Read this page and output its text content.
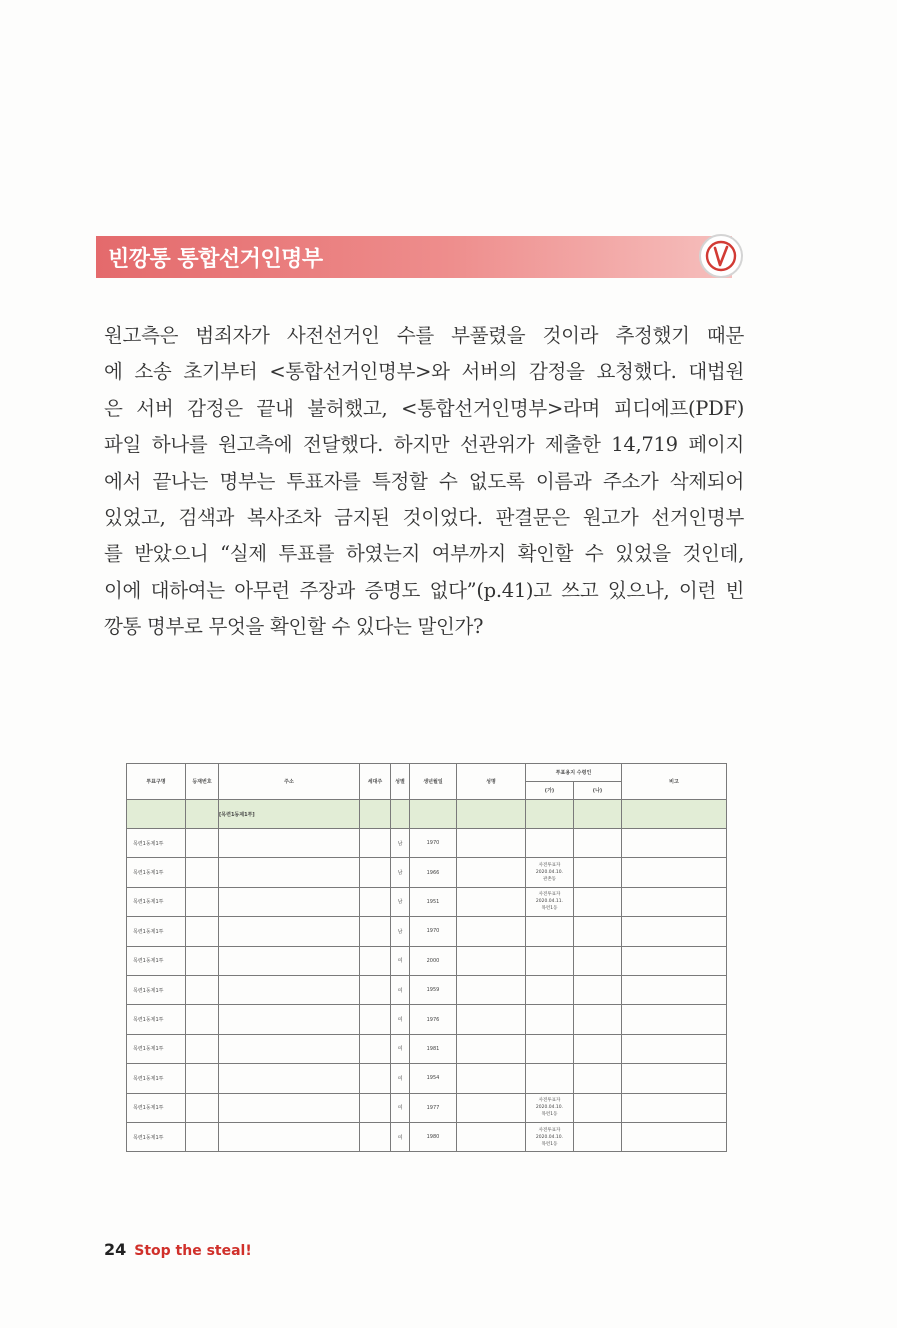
빈깡통 통합선거인명부
원고측은 범죄자가 사전선거인 수를 부풀렸을 것이라 추정했기 때문
에 소송 초기부터 <통합선거인명부>와 서버의 감정을 요청했다. 대법원
은 서버 감정은 끝내 불허했고, <통합선거인명부>라며 피디에프(PDF)
파일 하나를 원고측에 전달했다. 하지만 선관위가 제출한 14,719 페이지
에서 끝나는 명부는 투표자를 특정할 수 없도록 이름과 주소가 삭제되어
있었고, 검색과 복사조차 금지된 것이었다. 판결문은 원고가 선거인명부
를 받았으니 “실제 투표를 하였는지 여부까지 확인할 수 있었을 것인데,
이에 대하여는 아무런 주장과 증명도 없다”(p.41)고 쓰고 있으나, 이런 빈
깡통 명부로 무엇을 확인할 수 있다는 말인가?
투표구명	등재번호	주소	세대주	성별	생년월일	성명	투표용지 수령인		비고
							(가)	(나)	
		[목련1동제1투]							
목련1동제1투				남	1970				
목련1동제1투				남	1966		사전투표자
2020.04.10.
관촌동		

목련1동제1투				남	1951		사전투표자
2020.04.11.
목련1동		

목련1동제1투				남	1970				
목련1동제1투				여	2000				
목련1동제1투				여	1959				
목련1동제1투				여	1976				
목련1동제1투				여	1981				
목련1동제1투				여	1954				
목련1동제1투				여	1977		사전투표자
2020.04.10.
목련1동		

목련1동제1투				여	1980		사전투표자
2020.04.10.
목련1동		

24 Stop the steal!
